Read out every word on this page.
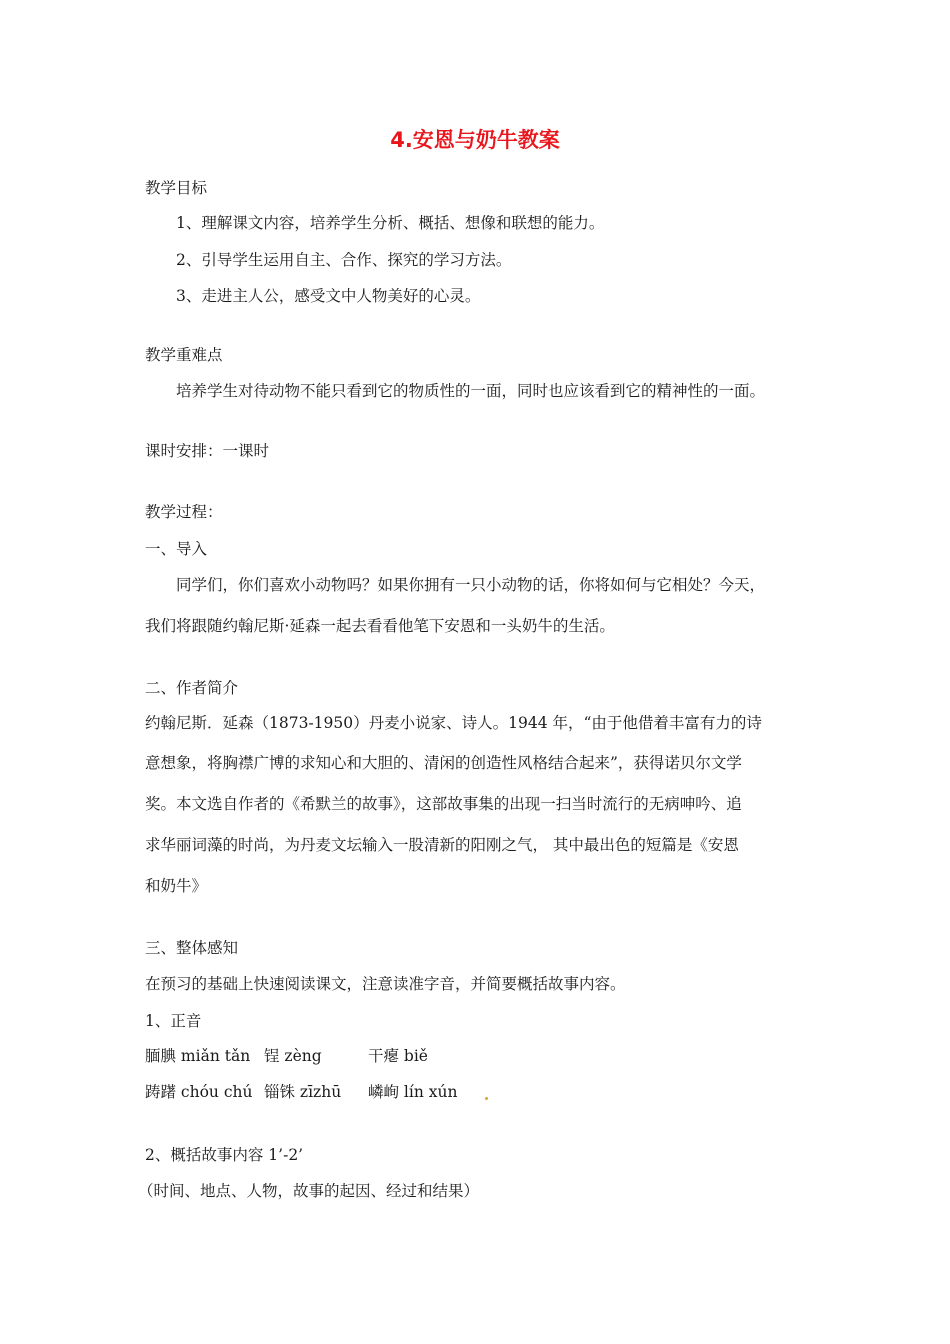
4.安恩与奶牛教案
教学目标
1、理解课文内容，培养学生分析、概括、想像和联想的能力。
2、引导学生运用自主、合作、探究的学习方法。
3、走进主人公，感受文中人物美好的心灵。
教学重难点
培养学生对待动物不能只看到它的物质性的一面，同时也应该看到它的精神性的一面。
课时安排：一课时
教学过程：
一、导入
同学们，你们喜欢小动物吗？如果你拥有一只小动物的话，你将如何与它相处？今天，
我们将跟随约翰尼斯·延森一起去看看他笔下安恩和一头奶牛的生活。
二、作者简介
约翰尼斯．延森（1873-1950）丹麦小说家、诗人。1944 年，“由于他借着丰富有力的诗
意想象，将胸襟广博的求知心和大胆的、清闲的创造性风格结合起来”，获得诺贝尔文学
奖。本文选自作者的《希默兰的故事》，这部故事集的出现一扫当时流行的无病呻吟、追
求华丽词藻的时尚，为丹麦文坛输入一股清新的阳刚之气， 其中最出色的短篇是《安恩
和奶牛》
三、整体感知
在预习的基础上快速阅读课文，注意读准字音，并简要概括故事内容。
1、正音
腼腆 miǎn tǎn 锃 zèng	干瘪 biě
踌躇 chóu chú 锱铢 zīzhū 嶙峋 lín xún
2、概括故事内容 1’-2’
（时间、地点、人物，故事的起因、经过和结果）
